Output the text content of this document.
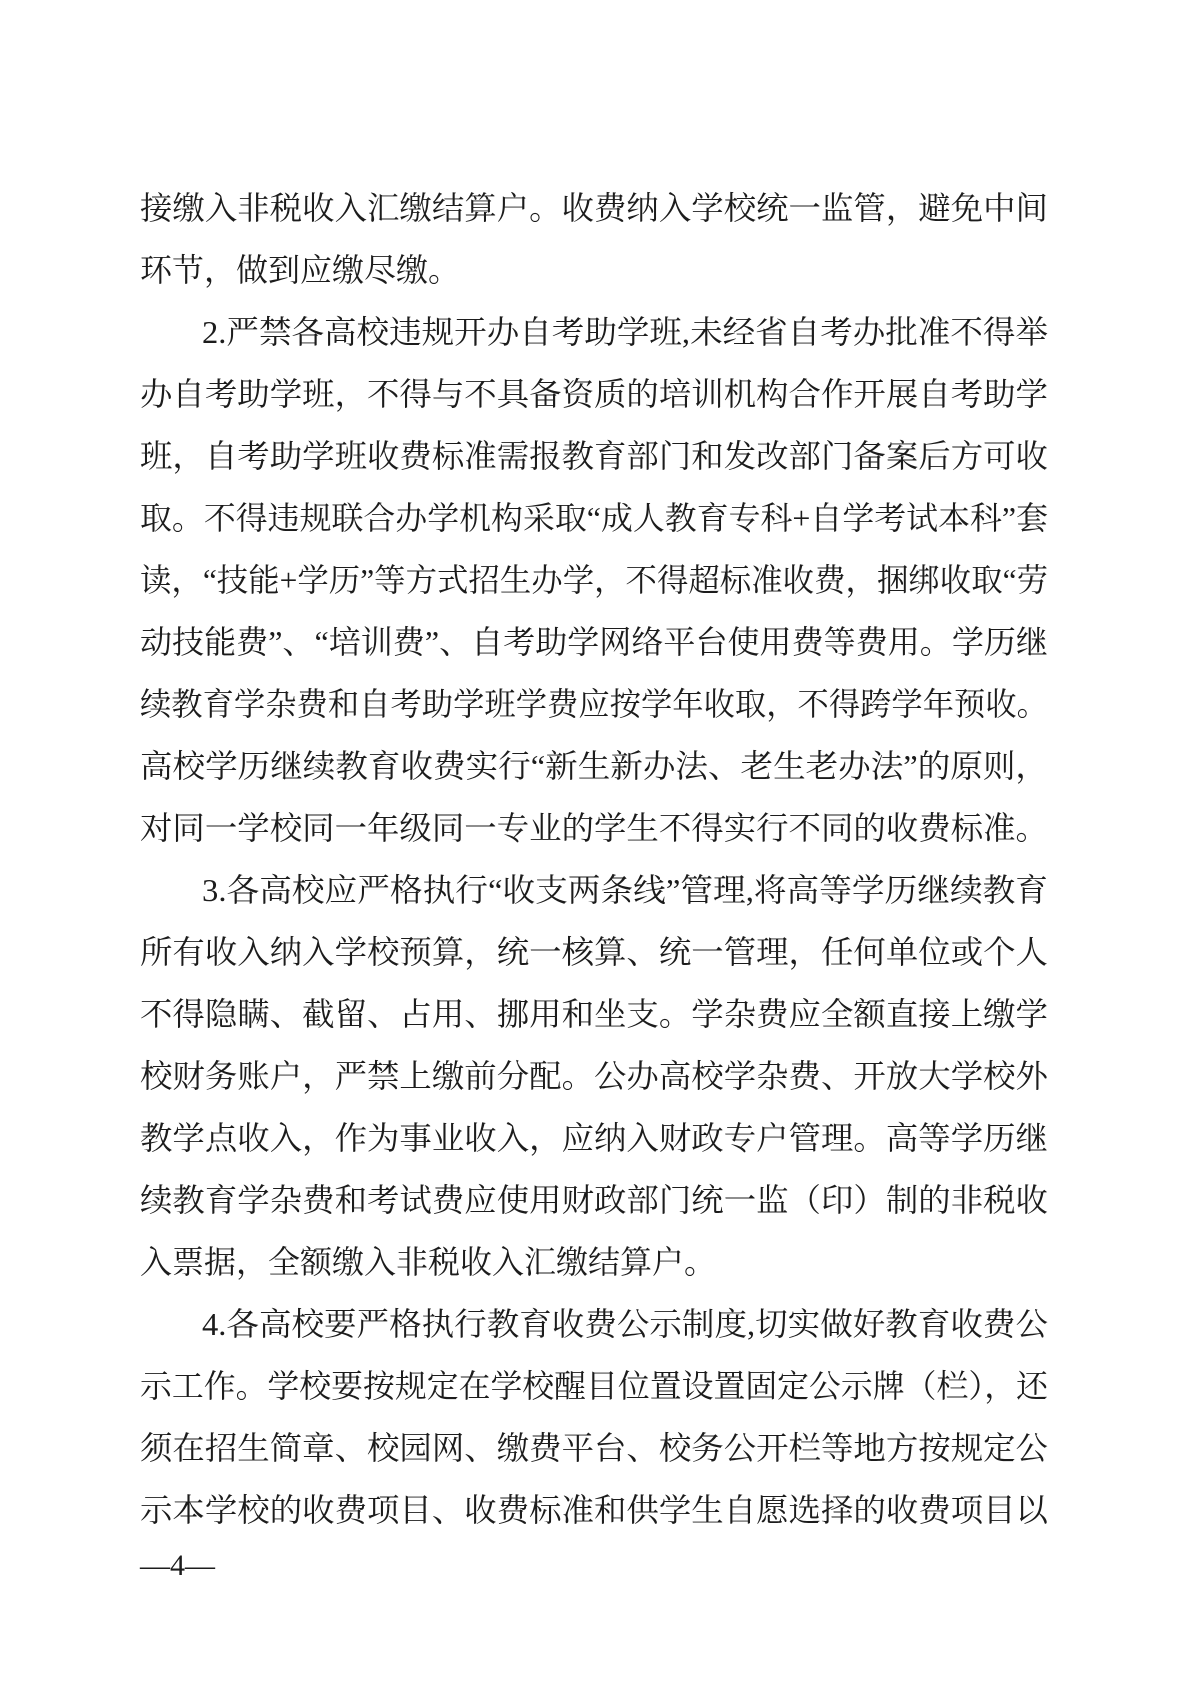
接缴入非税收入汇缴结算户。收费纳入学校统一监管，避免中间
环节，做到应缴尽缴。
2.严禁各高校违规开办自考助学班,未经省自考办批准不得举
办自考助学班，不得与不具备资质的培训机构合作开展自考助学
班，自考助学班收费标准需报教育部门和发改部门备案后方可收
取。不得违规联合办学机构采取“成人教育专科+自学考试本科”套
读，“技能+学历”等方式招生办学，不得超标准收费，捆绑收取“劳
动技能费”、“培训费”、自考助学网络平台使用费等费用。学历继
续教育学杂费和自考助学班学费应按学年收取，不得跨学年预收。
高校学历继续教育收费实行“新生新办法、老生老办法”的原则，
对同一学校同一年级同一专业的学生不得实行不同的收费标准。
3.各高校应严格执行“收支两条线”管理,将高等学历继续教育
所有收入纳入学校预算，统一核算、统一管理，任何单位或个人
不得隐瞒、截留、占用、挪用和坐支。学杂费应全额直接上缴学
校财务账户，严禁上缴前分配。公办高校学杂费、开放大学校外
教学点收入，作为事业收入，应纳入财政专户管理。高等学历继
续教育学杂费和考试费应使用财政部门统一监（印）制的非税收
入票据，全额缴入非税收入汇缴结算户。
4.各高校要严格执行教育收费公示制度,切实做好教育收费公
示工作。学校要按规定在学校醒目位置设置固定公示牌（栏），还
须在招生简章、校园网、缴费平台、校务公开栏等地方按规定公
示本学校的收费项目、收费标准和供学生自愿选择的收费项目以
—4—
